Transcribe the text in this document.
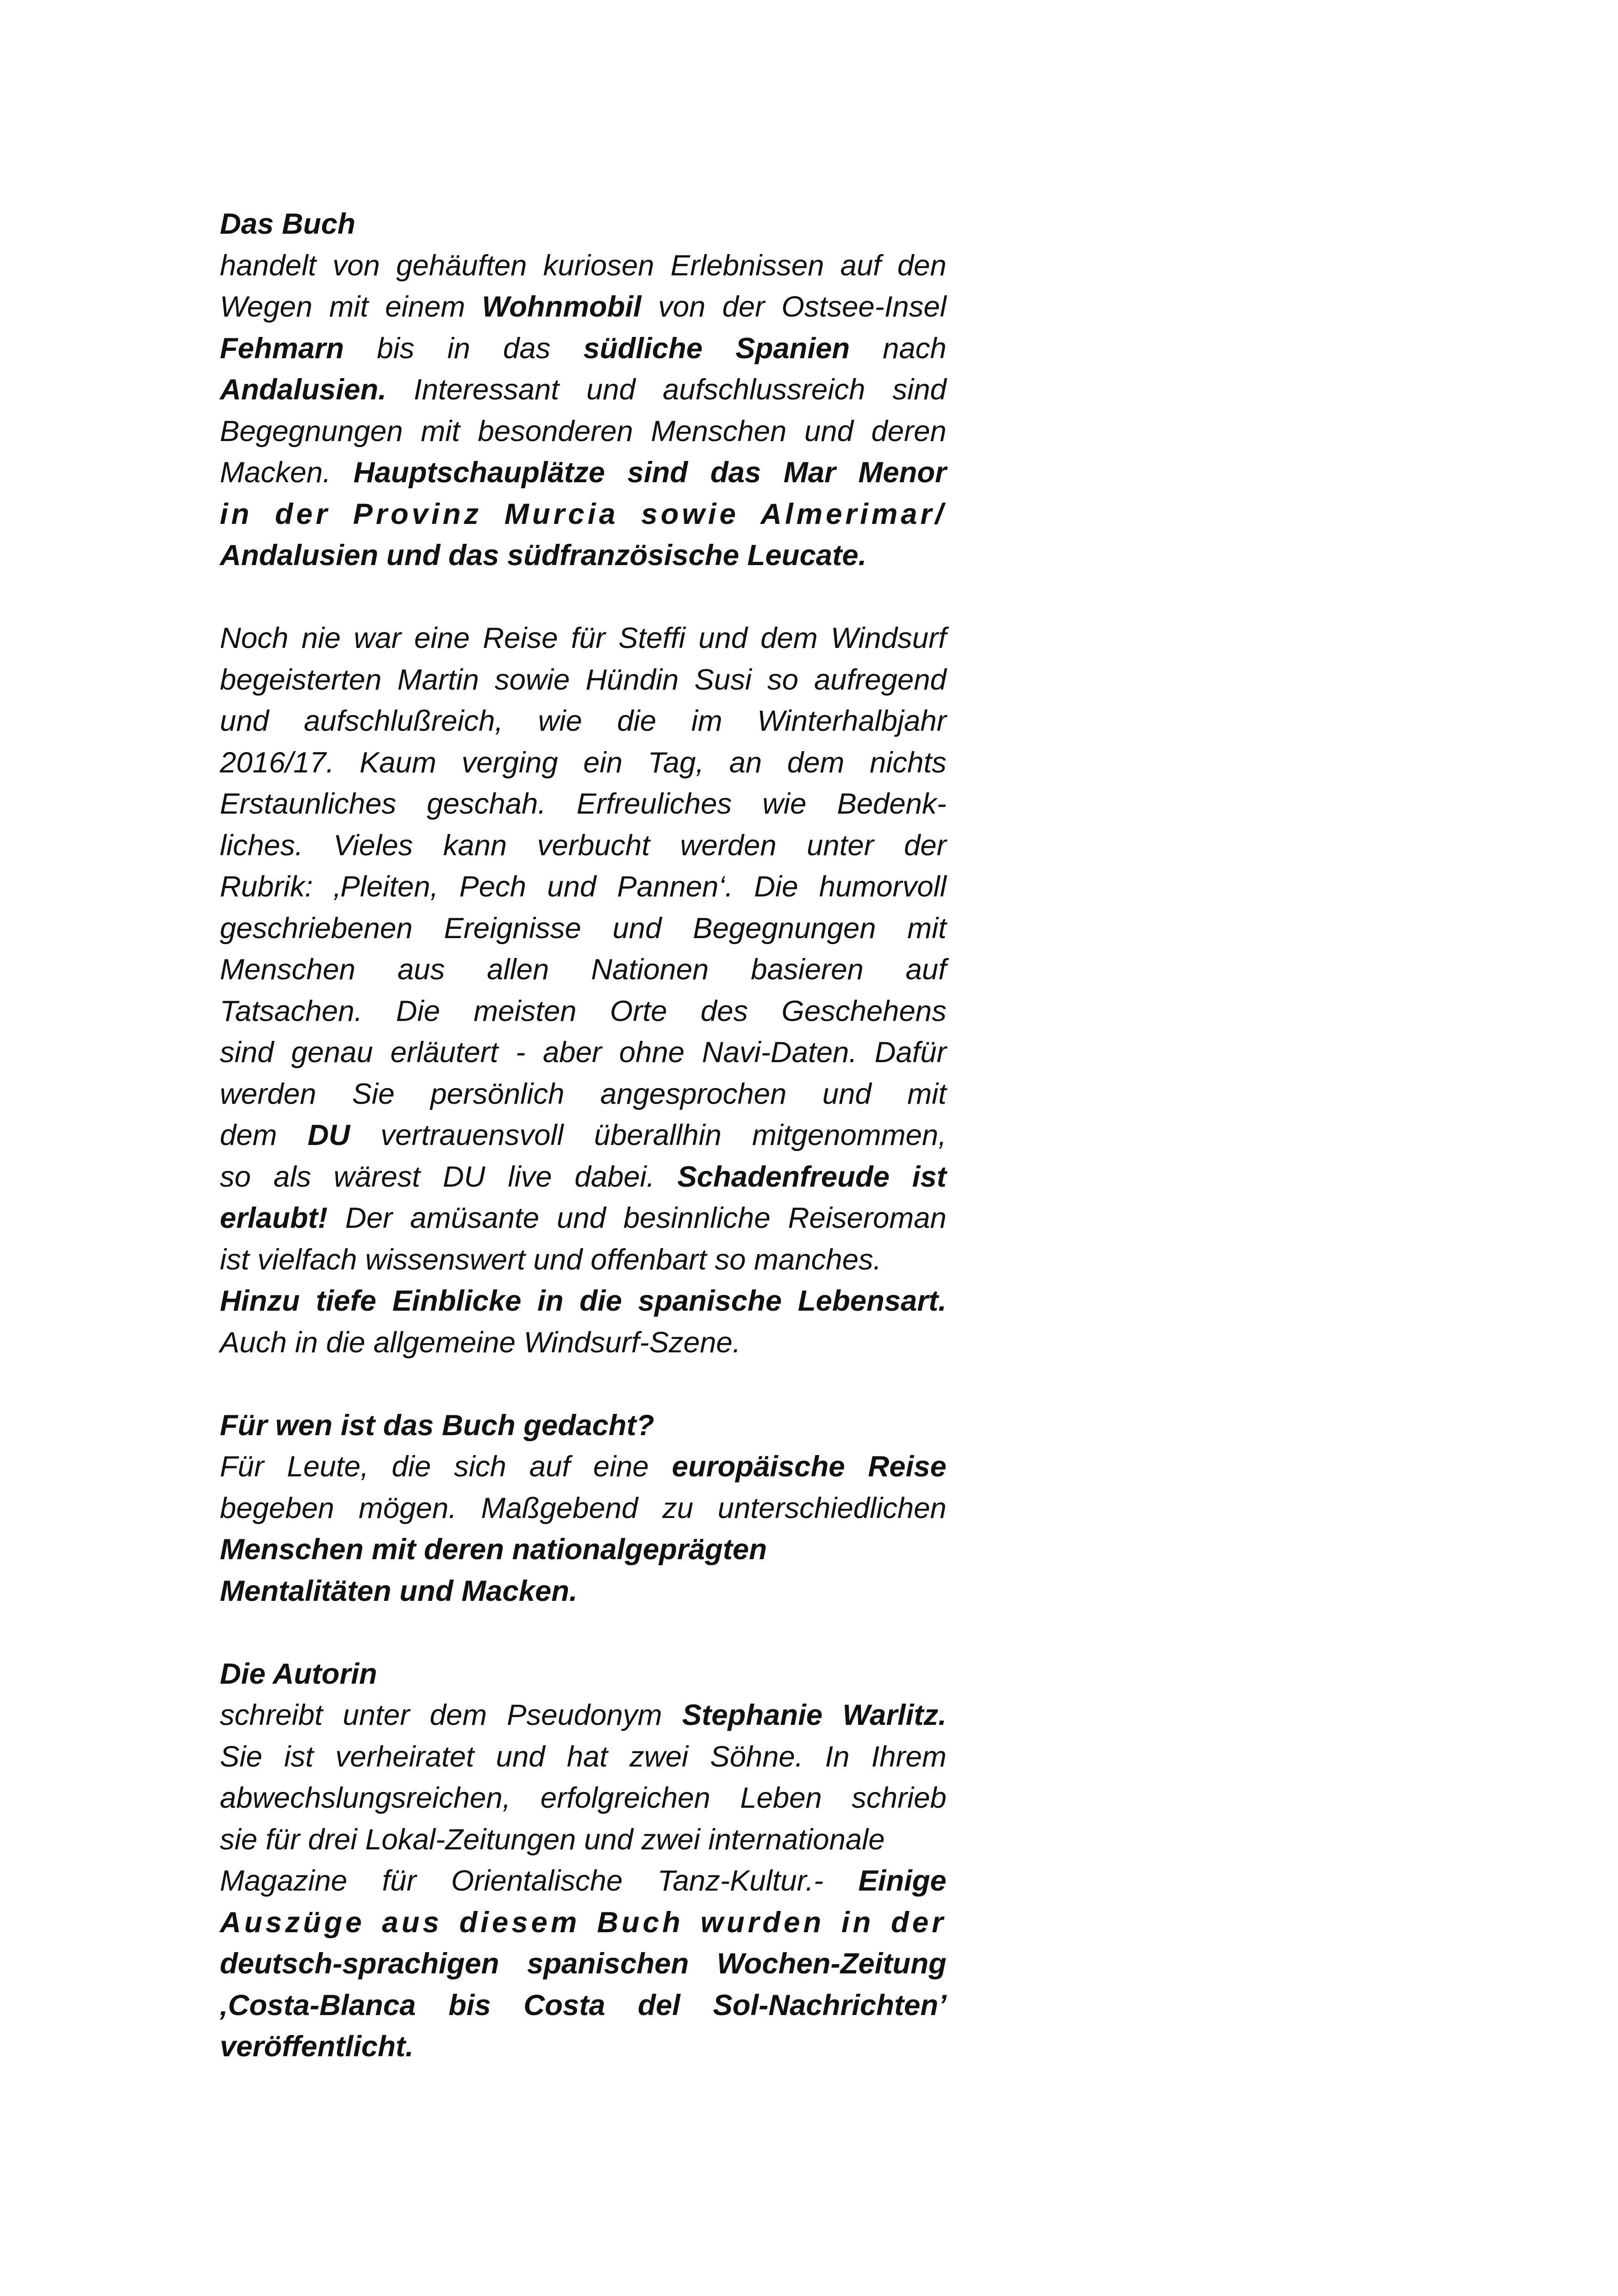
Das Buch

handelt von gehäuften kuriosen Erlebnissen auf den

Wegen mit einem Wohnmobil von der Ostsee-Insel

Fehmarn bis in das südliche Spanien nach

Andalusien. Interessant und aufschlussreich sind

Begegnungen mit besonderen Menschen und deren

Macken. Hauptschauplätze sind das Mar Menor

in der Provinz Murcia sowie Almerimar/

Andalusien und das südfranzösische Leucate.

Noch nie war eine Reise für Steffi und dem Windsurf

begeisterten Martin sowie Hündin Susi so aufregend

und aufschlußreich, wie die im Winterhalbjahr

2016/17. Kaum verging ein Tag, an dem nichts

Erstaunliches geschah. Erfreuliches wie Bedenk-

liches. Vieles kann verbucht werden unter der

Rubrik: ‚Pleiten, Pech und Pannen‘. Die humorvoll

geschriebenen Ereignisse und Begegnungen mit

Menschen aus allen Nationen basieren auf

Tatsachen. Die meisten Orte des Geschehens

sind genau erläutert - aber ohne Navi-Daten. Dafür

werden Sie persönlich angesprochen und mit

dem DU vertrauensvoll überallhin mitgenommen,

so als wärest DU live dabei. Schadenfreude ist

erlaubt! Der amüsante und besinnliche Reiseroman

ist vielfach wissenswert und offenbart so manches.

Hinzu tiefe Einblicke in die spanische Lebensart.

Auch in die allgemeine Windsurf-Szene.

Für wen ist das Buch gedacht?

Für Leute, die sich auf eine europäische Reise

begeben mögen. Maßgebend zu unterschiedlichen

Menschen mit deren nationalgeprägten

Mentalitäten und Macken.

Die Autorin

schreibt unter dem Pseudonym Stephanie Warlitz.

Sie ist verheiratet und hat zwei Söhne. In Ihrem

abwechslungsreichen, erfolgreichen Leben schrieb

sie für drei Lokal-Zeitungen und zwei internationale

Magazine für Orientalische Tanz-Kultur.- Einige

Auszüge aus diesem Buch wurden in der

deutsch-sprachigen spanischen Wochen-Zeitung

‚Costa-Blanca bis Costa del Sol-Nachrichten’

veröffentlicht.
